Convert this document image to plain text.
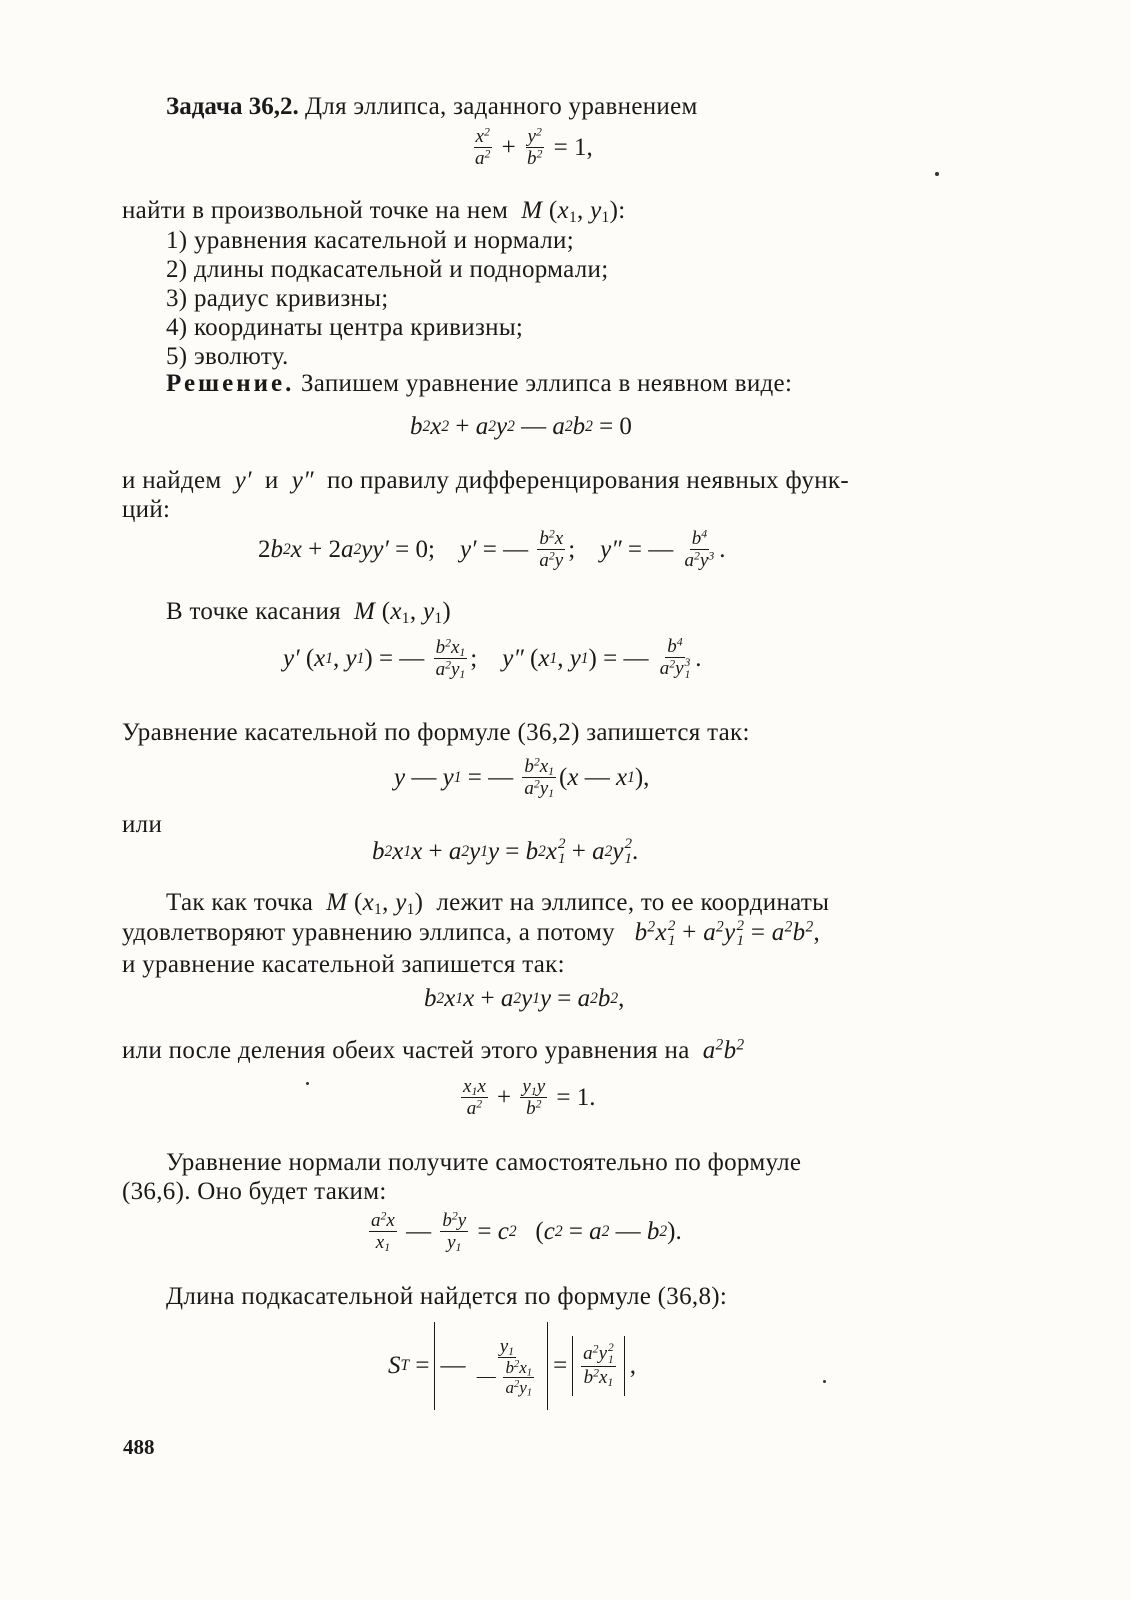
Задача 36,2. Для эллипса, заданного уравнением
$\frac{x^2}{a^2} + \frac{y^2}{b^2} = 1$,
найти в произвольной точке на нем  M ($x_1$, $y_1$):
1) уравнения касательной и нормали;
2) длины подкасательной и поднормали;
3) радиус кривизны;
4) координаты центра кривизны;
5) эволюту.
Решение. Запишем уравнение эллипса в неявном виде:
b 2 x 2 + a 2 y 2 — a 2 b 2 = 0
и найдем  y′  и  y″  по правилу дифференцирования неявных функ-
ций:
2 b 2 x + 2 a 2 yy′ = 0; y′ = — $\frac{b^2x}{a^2y}$ ; y″ = — $\frac{b^4}{a^2y^3}$ .
В точке касания  M ($x_1$, $y_1$)
y′ ( x 1 , y 1 ) = — $\frac{b^2x_1}{a^2y_1}$ ; y″ ( x 1 , y 1 ) = — $b^4$
$a^2y$ 3
1 .
Уравнение касательной по формуле (36,2) запишется так:
y — y 1 = — $\frac{b^2x_1}{a^2y_1}$ ( x — x 1 ),
или
b 2 x 1 x + a 2 y 1 y = b 2 x 2
1 + a 2 y 2
1 .
Так как точка  M ($x_1$, $y_1$)  лежит на эллипсе, то ее координаты
удовлетворяют уравнению эллипса, а потому   $b^2x$ 2
$1 + a^2y$ 2
$1 = a^2b^2$,
и уравнение касательной запишется так:
b 2 x 1 x + a 2 y 1 y = a 2 b 2 ,
или после деления обеих частей этого уравнения на  $a^2b^2$
$\frac{x_1x}{a^2} + \frac{y_1y}{b^2} = 1$.
Уравнение нормали получите самостоятельно по формуле
(36,6). Оно будет таким:
$\frac{a^2x}{x_1}$ — $\frac{b^2y}{y_1} = c$ 2 ( c 2 = a 2 — b 2 ).
Длина подкасательной найдется по формуле (36,8):
S T = — $\frac{y_1}{— \frac{b^2x_1}{a^2y_1}} = a^2y$ 2
1
$b^2x_1$ ,
488
